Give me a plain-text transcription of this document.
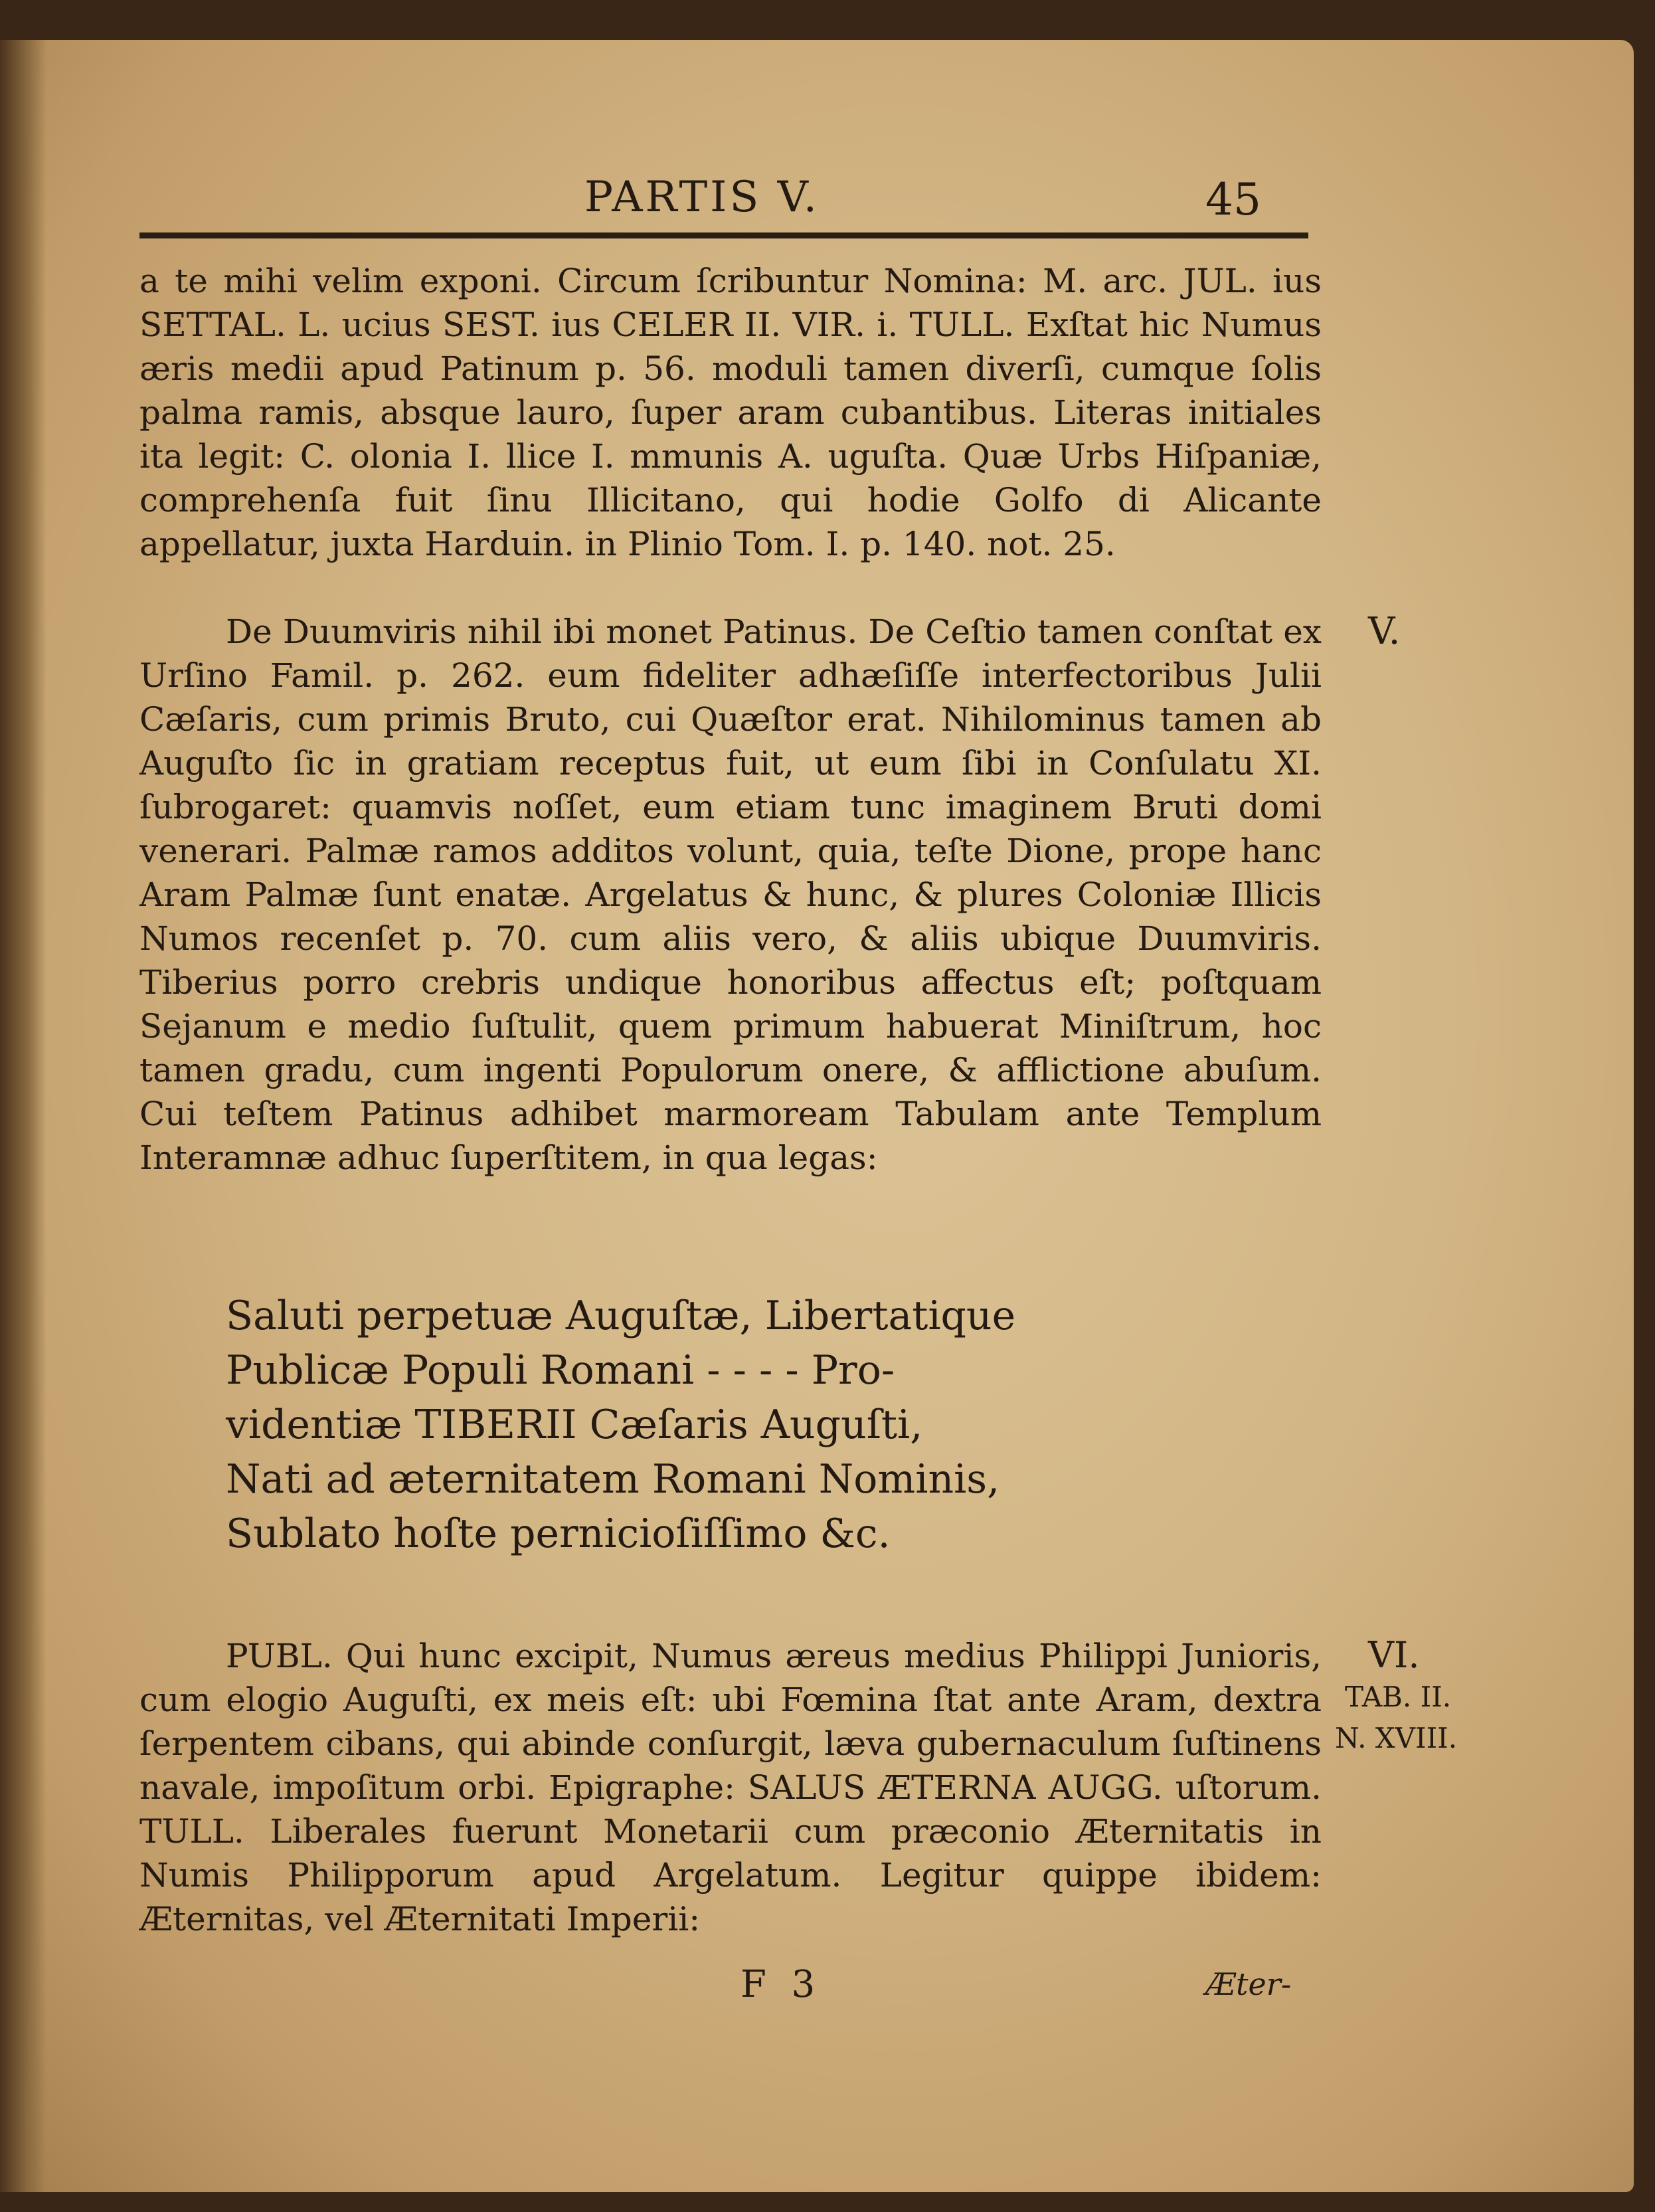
PARTIS V.	45

a te mihi velim exponi. Circum ſcribuntur Nomina: M. arc. JUL. ius SETTAL. L. ucius SEST. ius CELER II. VIR. i. TULL. Exſtat hic Numus æris medii apud Patinum p. 56. moduli tamen diverſi, cumque ſolis palma ramis, absque lauro, ſuper aram cubantibus. Literas initiales ita legit: C. olonia I. llice I. mmunis A. uguſta. Quæ Urbs Hiſpaniæ, comprehenſa fuit ſinu Illicitano, qui hodie Golfo di Alicante appellatur, juxta Harduin. in Plinio Tom. I. p. 140. not. 25.

De Duumviris nihil ibi monet Patinus. De Ceſtio tamen conſtat ex Urſino Famil. p. 262. eum fideliter adhæſiſſe interfectoribus Julii Cæſaris, cum primis Bruto, cui Quæſtor erat. Nihilominus tamen ab Auguſto ſic in gratiam receptus fuit, ut eum ſibi in Conſulatu XI. ſubrogaret: quamvis noſſet, eum etiam tunc imaginem Bruti domi venerari. Palmæ ramos additos volunt, quia, teſte Dione, prope hanc Aram Palmæ ſunt enatæ. Argelatus & hunc, & plures Coloniæ Illicis Numos recenſet p. 70. cum aliis vero, & aliis ubique Duumviris. Tiberius porro crebris undique honoribus affectus eſt; poſtquam Sejanum e medio ſuſtulit, quem primum habuerat Miniſtrum, hoc tamen gradu, cum ingenti Populorum onere, & afflictione abuſum. Cui teſtem Patinus adhibet marmoream Tabulam ante Templum Interamnæ adhuc ſuperſtitem, in qua legas:

Saluti perpetuæ Auguſtæ, Libertatique
Publicæ Populi Romani - - - - Pro-
videntiæ TIBERII Cæſaris Auguſti,
Nati ad æternitatem Romani Nominis,
Sublato hoſte pernicioſiſſimo &c.

PUBL. Qui hunc excipit, Numus æreus medius Philippi Junioris, cum elogio Auguſti, ex meis eſt: ubi Fœmina ſtat ante Aram, dextra ſerpentem cibans, qui abinde conſurgit, læva gubernaculum ſuſtinens navale, impoſitum orbi. Epigraphe: SALUS ÆTERNA AUGG. uſtorum. TULL. Liberales fuerunt Monetarii cum præconio Æternitatis in Numis Philipporum apud Argelatum. Legitur quippe ibidem: Æternitas, vel Æternitati Imperii:

V.
VI.
TAB. II.
N. XVIII.
F 3	Æter-
